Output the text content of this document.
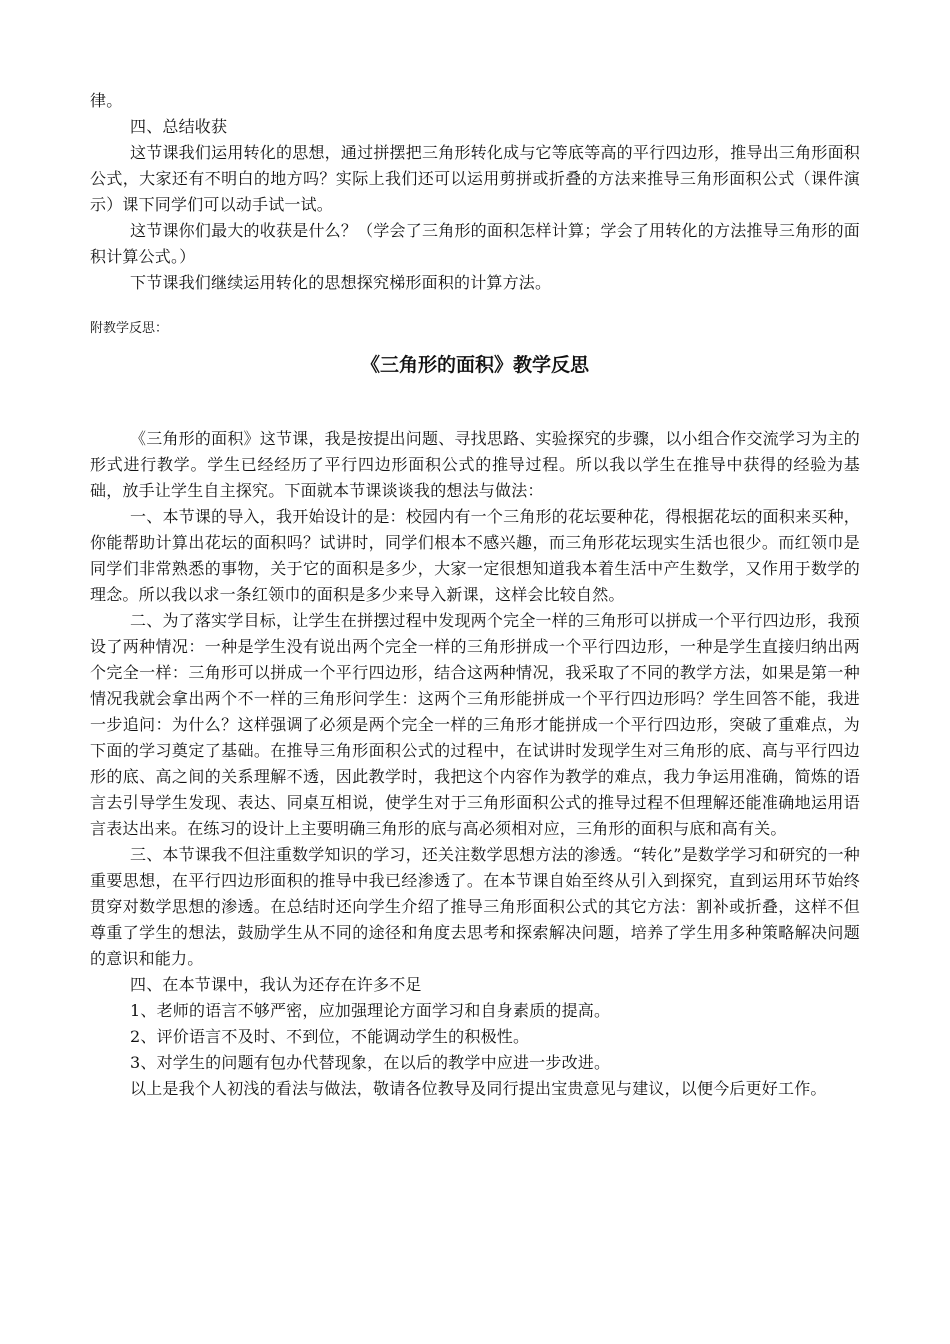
律。

四、总结收获

这节课我们运用转化的思想，通过拼摆把三角形转化成与它等底等高的平行四边形，推导出三角形面积公式，大家还有不明白的地方吗？实际上我们还可以运用剪拼或折叠的方法来推导三角形面积公式（课件演示）课下同学们可以动手试一试。

这节课你们最大的收获是什么？（学会了三角形的面积怎样计算；学会了用转化的方法推导三角形的面积计算公式。）

下节课我们继续运用转化的思想探究梯形面积的计算方法。

附教学反思：

《三角形的面积》教学反思

《三角形的面积》这节课，我是按提出问题、寻找思路、实验探究的步骤，以小组合作交流学习为主的形式进行教学。学生已经经历了平行四边形面积公式的推导过程。所以我以学生在推导中获得的经验为基础，放手让学生自主探究。下面就本节课谈谈我的想法与做法：

一、本节课的导入，我开始设计的是：校园内有一个三角形的花坛要种花，得根据花坛的面积来买种，你能帮助计算出花坛的面积吗？试讲时，同学们根本不感兴趣，而三角形花坛现实生活也很少。而红领巾是同学们非常熟悉的事物，关于它的面积是多少，大家一定很想知道我本着生活中产生数学，又作用于数学的理念。所以我以求一条红领巾的面积是多少来导入新课，这样会比较自然。

二、为了落实学目标，让学生在拼摆过程中发现两个完全一样的三角形可以拼成一个平行四边形，我预设了两种情况：一种是学生没有说出两个完全一样的三角形拼成一个平行四边形，一种是学生直接归纳出两个完全一样：三角形可以拼成一个平行四边形，结合这两种情况，我采取了不同的教学方法，如果是第一种情况我就会拿出两个不一样的三角形问学生：这两个三角形能拼成一个平行四边形吗？学生回答不能，我进一步追问：为什么？这样强调了必须是两个完全一样的三角形才能拼成一个平行四边形，突破了重难点，为下面的学习奠定了基础。在推导三角形面积公式的过程中，在试讲时发现学生对三角形的底、高与平行四边形的底、高之间的关系理解不透，因此教学时，我把这个内容作为教学的难点，我力争运用准确，简炼的语言去引导学生发现、表达、同桌互相说，使学生对于三角形面积公式的推导过程不但理解还能准确地运用语言表达出来。在练习的设计上主要明确三角形的底与高必须相对应，三角形的面积与底和高有关。

三、本节课我不但注重数学知识的学习，还关注数学思想方法的渗透。“转化”是数学学习和研究的一种重要思想，在平行四边形面积的推导中我已经渗透了。在本节课自始至终从引入到探究，直到运用环节始终贯穿对数学思想的渗透。在总结时还向学生介绍了推导三角形面积公式的其它方法：割补或折叠，这样不但尊重了学生的想法，鼓励学生从不同的途径和角度去思考和探索解决问题，培养了学生用多种策略解决问题的意识和能力。

四、在本节课中，我认为还存在许多不足

1、老师的语言不够严密，应加强理论方面学习和自身素质的提高。

2、评价语言不及时、不到位，不能调动学生的积极性。

3、对学生的问题有包办代替现象，在以后的教学中应进一步改进。

以上是我个人初浅的看法与做法，敬请各位教导及同行提出宝贵意见与建议，以便今后更好工作。
